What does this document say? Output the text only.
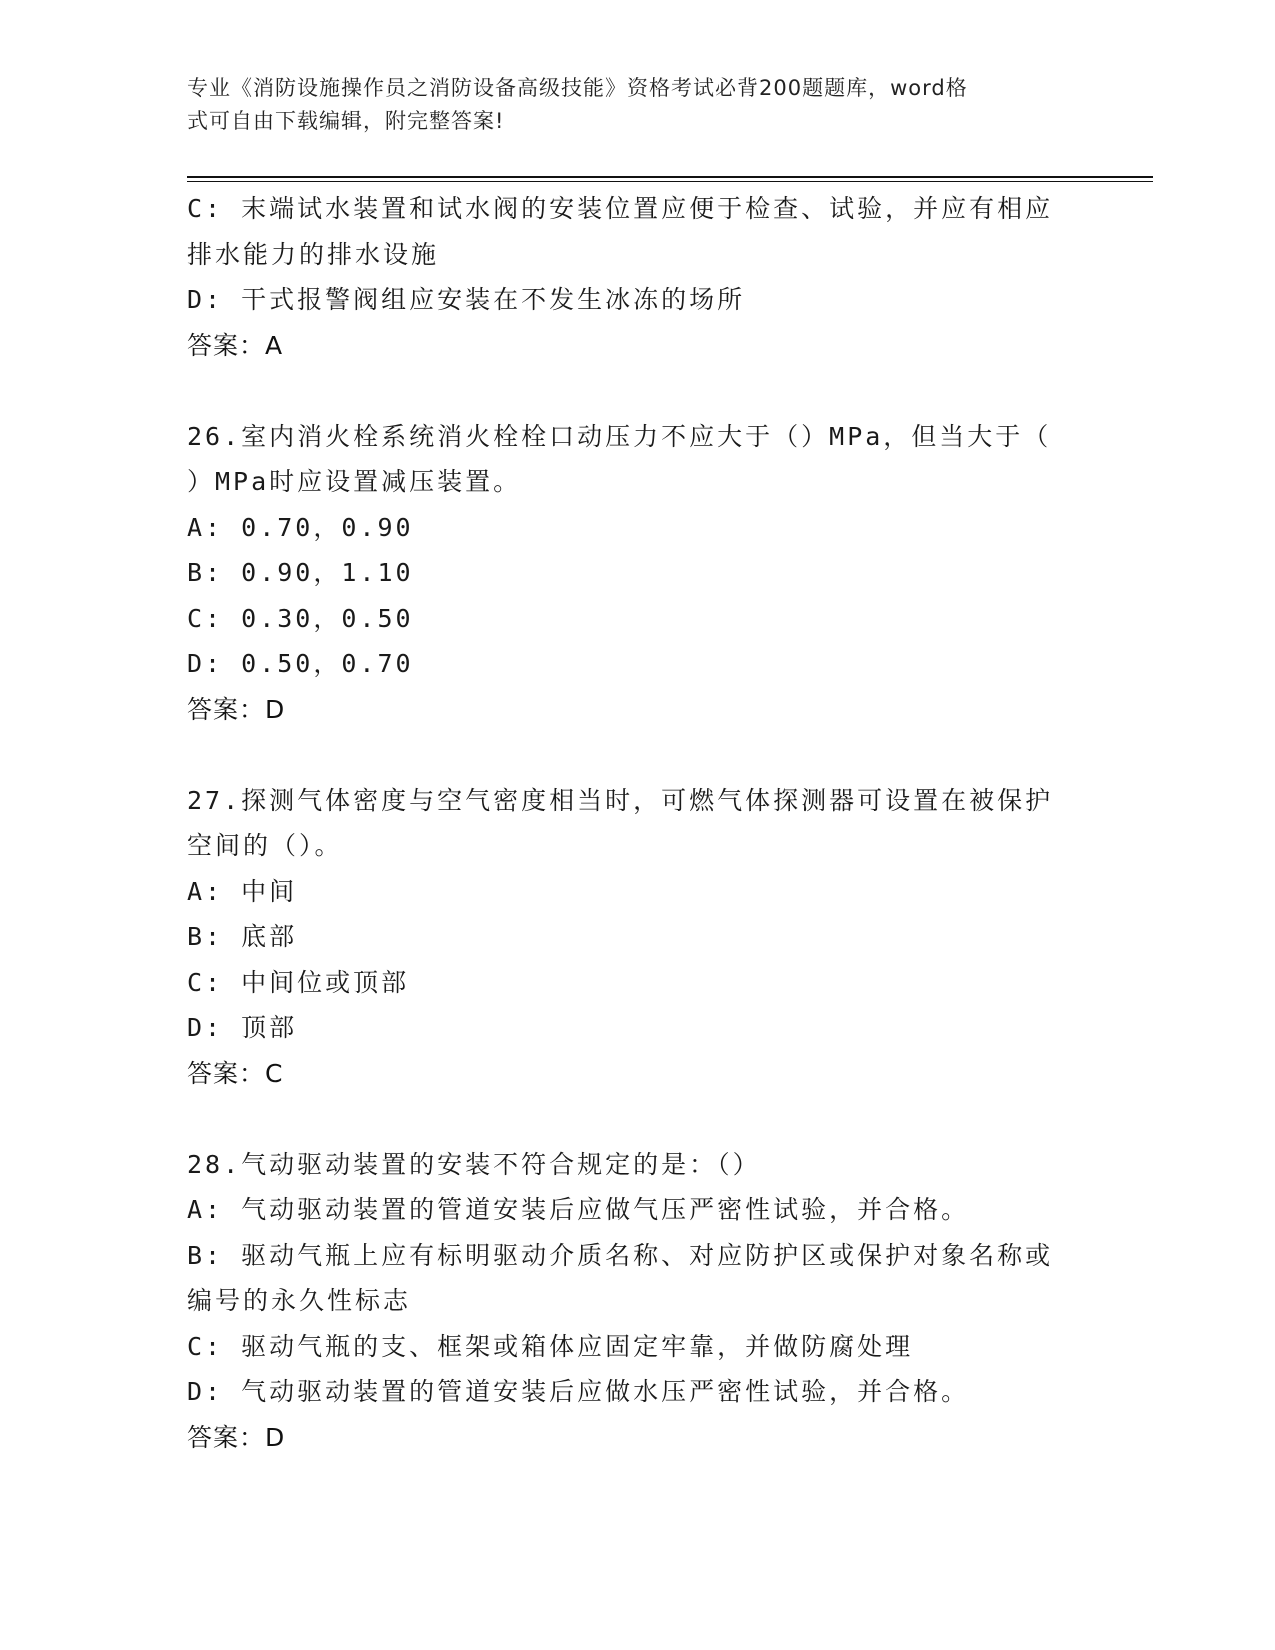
专业《消防设施操作员之消防设备高级技能》资格考试必背200题题库，word格
式可自由下载编辑，附完整答案!
C: 末端试水装置和试水阀的安装位置应便于检查、试验，并应有相应
排水能力的排水设施
D: 干式报警阀组应安装在不发生冰冻的场所
答案：A
26.室内消火栓系统消火栓栓口动压力不应大于（）MPa，但当大于（
）MPa时应设置减压装置。
A: 0.70，0.90
B: 0.90，1.10
C: 0.30，0.50
D: 0.50，0.70
答案：D
27.探测气体密度与空气密度相当时，可燃气体探测器可设置在被保护
空间的（）。
A: 中间
B: 底部
C: 中间位或顶部
D: 顶部
答案：C
28.气动驱动装置的安装不符合规定的是：（）
A: 气动驱动装置的管道安装后应做气压严密性试验，并合格。
B: 驱动气瓶上应有标明驱动介质名称、对应防护区或保护对象名称或
编号的永久性标志
C: 驱动气瓶的支、框架或箱体应固定牢靠，并做防腐处理
D: 气动驱动装置的管道安装后应做水压严密性试验，并合格。
答案：D
